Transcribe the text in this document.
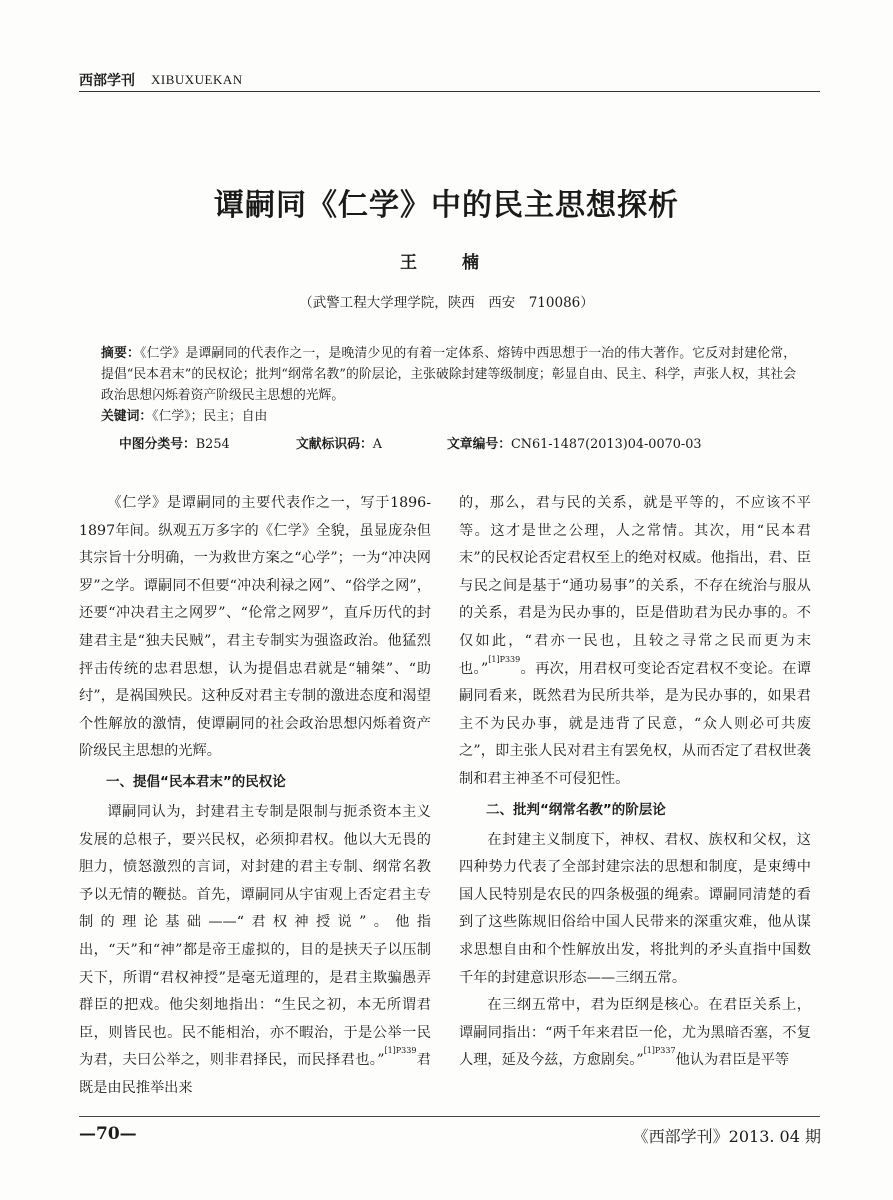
西部学刊 XIBUXUEKAN
谭嗣同《仁学》中的民主思想探析
王　楠
（武警工程大学理学院，陕西　西安　710086）
摘要：《仁学》是谭嗣同的代表作之一，是晚清少见的有着一定体系、熔铸中西思想于一冶的伟大著作。它反对封建伦常，提倡“民本君末”的民权论；批判“纲常名教”的阶层论，主张破除封建等级制度；彰显自由、民主、科学，声张人权，其社会政治思想闪烁着资产阶级民主思想的光辉。
关键词：《仁学》；民主；自由
中图分类号：B254	文献标识码：A	文章编号：CN61-1487(2013)04-0070-03

《仁学》是谭嗣同的主要代表作之一，写于1896-1897年间。纵观五万多字的《仁学》全貌，虽显庞杂但其宗旨十分明确，一为救世方案之“心学”；一为“冲决网罗”之学。谭嗣同不但要“冲决利禄之网”、“俗学之网”，还要“冲决君主之网罗”、“伦常之网罗”，直斥历代的封建君主是“独夫民贼”，君主专制实为强盗政治。他猛烈抨击传统的忠君思想，认为提倡忠君就是“辅桀”、“助纣”，是祸国殃民。这种反对君主专制的激进态度和渴望个性解放的激情，使谭嗣同的社会政治思想闪烁着资产阶级民主思想的光辉。

一、提倡“民本君末”的民权论

谭嗣同认为，封建君主专制是限制与扼杀资本主义发展的总根子，要兴民权，必须抑君权。他以大无畏的胆力，愤怒激烈的言词，对封建的君主专制、纲常名教予以无情的鞭挞。首先，谭嗣同从宇宙观上否定君主专制的理论基础——“君权神授说”。他指出，“天”和“神”都是帝王虚拟的，目的是挟天子以压制天下，所谓“君权神授”是毫无道理的，是君主欺骗愚弄群臣的把戏。他尖刻地指出：“生民之初，本无所谓君臣，则皆民也。民不能相治，亦不暇治，于是公举一民为君，夫曰公举之，则非君择民，而民择君也。”$^{[1]P339}$君既是由民推举出来

的，那么，君与民的关系，就是平等的，不应该不平等。这才是世之公理，人之常情。其次，用“民本君末”的民权论否定君权至上的绝对权威。他指出，君、臣与民之间是基于“通功易事”的关系，不存在统治与服从的关系，君是为民办事的，臣是借助君为民办事的。不仅如此，“君亦一民也，且较之寻常之民而更为末也。”$^{[1]P339}$。再次，用君权可变论否定君权不变论。在谭嗣同看来，既然君为民所共举，是为民办事的，如果君主不为民办事，就是违背了民意，“众人则必可共废之”，即主张人民对君主有罢免权，从而否定了君权世袭制和君主神圣不可侵犯性。

二、批判“纲常名教”的阶层论

在封建主义制度下，神权、君权、族权和父权，这四种势力代表了全部封建宗法的思想和制度，是束缚中国人民特别是农民的四条极强的绳索。谭嗣同清楚的看到了这些陈规旧俗给中国人民带来的深重灾难，他从谋求思想自由和个性解放出发，将批判的矛头直指中国数千年的封建意识形态——三纲五常。

在三纲五常中，君为臣纲是核心。在君臣关系上，谭嗣同指出：“两千年来君臣一伦，尤为黑暗否塞，不复人理，延及今兹，方愈剧矣。”$^{[1]P337}$他认为君臣是平等

—70—	《西部学刊》2013. 04 期
